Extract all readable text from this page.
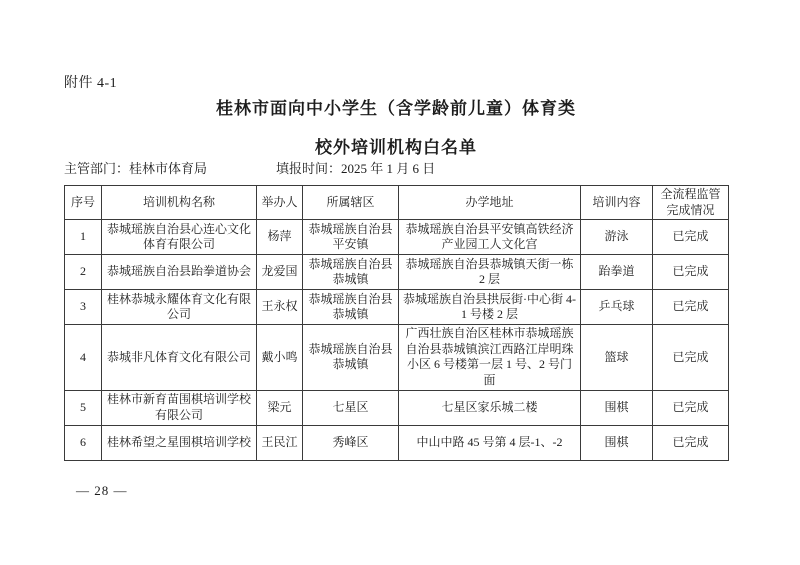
附件 4-1
桂林市面向中小学生（含学龄前儿童）体育类
校外培训机构白名单
主管部门：桂林市体育局	填报时间：2025 年 1 月 6 日
序号	培训机构名称	举办人	所属辖区	办学地址	培训内容	全流程监管完成情况
1	恭城瑶族自治县心连心文化体育有限公司	杨萍	恭城瑶族自治县平安镇	恭城瑶族自治县平安镇高铁经济产业园工人文化宫	游泳	已完成
2	恭城瑶族自治县跆拳道协会	龙爱国	恭城瑶族自治县恭城镇	恭城瑶族自治县恭城镇天街一栋 2 层	跆拳道	已完成
3	桂林恭城永耀体育文化有限公司	王永权	恭城瑶族自治县恭城镇	恭城瑶族自治县拱辰街·中心街 4-1 号楼 2 层	乒乓球	已完成
4	恭城非凡体育文化有限公司	戴小鸣	恭城瑶族自治县恭城镇	广西壮族自治区桂林市恭城瑶族自治县恭城镇滨江西路江岸明珠小区 6 号楼第一层 1 号、2 号门面	篮球	已完成
5	桂林市新育苗围棋培训学校有限公司	梁元	七星区	七星区家乐城二楼	围棋	已完成
6	桂林希望之星围棋培训学校	王民江	秀峰区	中山中路 45 号第 4 层-1、-2	围棋	已完成
— 28 —
